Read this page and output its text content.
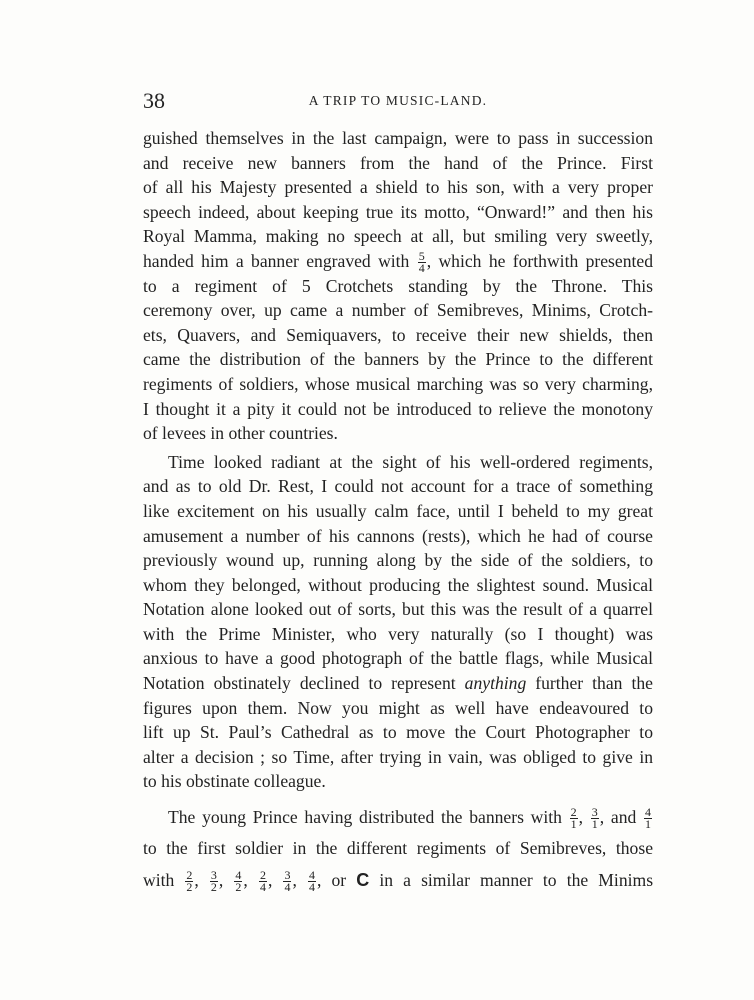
38	A TRIP TO MUSIC-LAND.
guished themselves in the last campaign, were to pass in succession
and receive new banners from the hand of the Prince. First
of all his Majesty presented a shield to his son, with a very proper
speech indeed, about keeping true its motto, “Onward!” and then his
Royal Mamma, making no speech at all, but smiling very sweetly,
handed him a banner engraved with $\frac{5}{4}$ , which he forthwith presented
to a regiment of 5 Crotchets standing by the Throne. This
ceremony over, up came a number of Semibreves, Minims, Crotch-
ets, Quavers, and Semiquavers, to receive their new shields, then
came the distribution of the banners by the Prince to the different
regiments of soldiers, whose musical marching was so very charming,
I thought it a pity it could not be introduced to relieve the monotony
of levees in other countries.
Time looked radiant at the sight of his well-ordered regiments,
and as to old Dr. Rest, I could not account for a trace of something
like excitement on his usually calm face, until I beheld to my great
amusement a number of his cannons (rests), which he had of course
previously wound up, running along by the side of the soldiers, to
whom they belonged, without producing the slightest sound. Musical
Notation alone looked out of sorts, but this was the result of a quarrel
with the Prime Minister, who very naturally (so I thought) was
anxious to have a good photograph of the battle flags, while Musical
Notation obstinately declined to represent anything further than the
figures upon them. Now you might as well have endeavoured to
lift up St. Paul’s Cathedral as to move the Court Photographer to
alter a decision ; so Time, after trying in vain, was obliged to give in
to his obstinate colleague.
The young Prince having distributed the banners with $\frac{2}{1}$ , $\frac{3}{1}$ , and $\frac{4}{1}$
to the first soldier in the different regiments of Semibreves, those
with $\frac{2}{2}$ , $\frac{3}{2}$ , $\frac{4}{2}$ , $\frac{2}{4}$ , $\frac{3}{4}$ , $\frac{4}{4}$ , or C in a similar manner to the Minims
